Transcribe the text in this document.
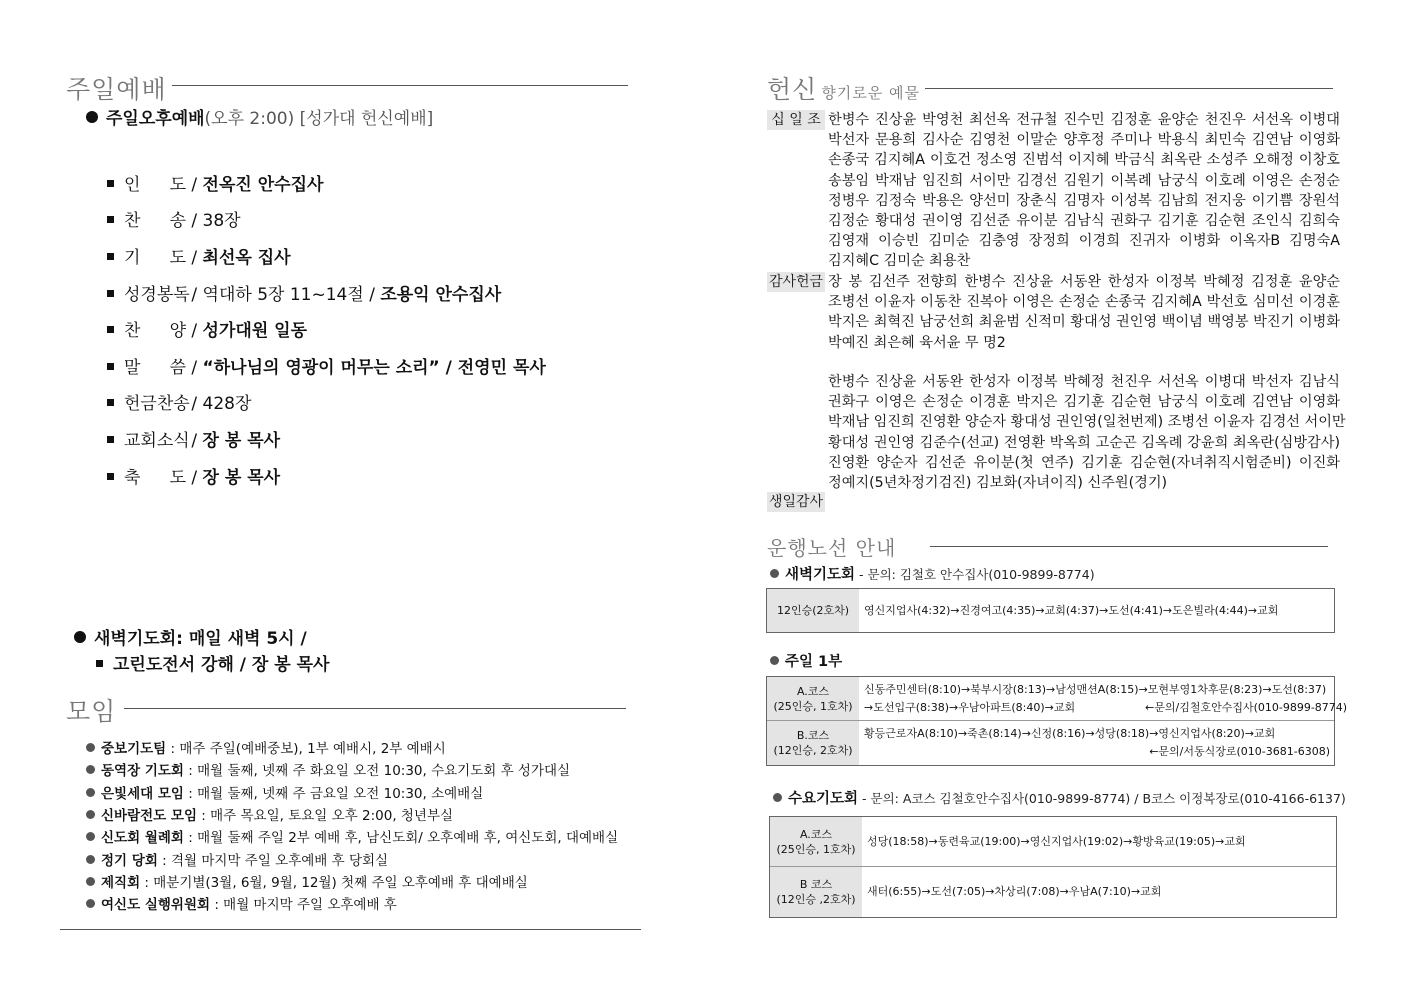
주일예배
주일오후예배(오후 2:00) [성가대 헌신예배]
인 도 / 전옥진 안수집사
찬 송 / 38장
기 도 / 최선옥 집사
성경봉독 / 역대하 5장 11~14절 / 조용익 안수집사
찬 양 / 성가대원 일동
말 씀 / “하나님의 영광이 머무는 소리” / 전영민 목사
헌금찬송 / 428장
교회소식 / 장 봉 목사
축 도 / 장 봉 목사
새벽기도회: 매일 새벽 5시 /
고린도전서 강해 / 장 봉 목사
모임
중보기도팀 : 매주 주일(예배중보), 1부 예배시, 2부 예배시
동역장 기도회 : 매월 둘째, 넷째 주 화요일 오전 10:30, 수요기도회 후 성가대실
은빛세대 모임 : 매월 둘째, 넷째 주 금요일 오전 10:30, 소예배실
신바람전도 모임 : 매주 목요일, 토요일 오후 2:00, 청년부실
신도회 월례회 : 매월 둘째 주일 2부 예배 후, 남신도회/ 오후예배 후, 여신도회, 대예배실
정기 당회 : 격월 마지막 주일 오후예배 후 당회실
제직회 : 매분기별(3월, 6월, 9월, 12월) 첫째 주일 오후예배 후 대예배실
여신도 실행위원회 : 매월 마지막 주일 오후예배 후
헌신 향기로운 예물
십 일 조 한병수 진상윤 박영천 최선옥 전규철 진수민 김정훈 윤양순 천진우 서선옥 이병대
박선자 문용희 김사순 김영천 이말순 양후정 주미나 박용식 최민숙 김연남 이영화
손종국 김지혜A 이호건 정소영 진범석 이지혜 박금식 최옥란 소성주 오해정 이창호
송봉임 박재남 임진희 서이만 김경선 김원기 이복례 남궁식 이호례 이영은 손정순
정병우 김정숙 박용은 양선미 장춘식 김명자 이성복 김남희 전지웅 이기쁨 장원석
김정순 황대성 권이영 김선준 유이분 김남식 권화구 김기훈 김순현 조인식 김희숙
김영재 이승빈 김미순 김충영 장정희 이경희 진귀자 이병화 이옥자B 김명숙A
김지혜C 김미순 최용찬
감사헌금 장 봉 김선주 전향희 한병수 진상윤 서동완 한성자 이정복 박혜정 김정훈 윤양순
조병선 이윤자 이동찬 진복아 이영은 손정순 손종국 김지혜A 박선호 심미선 이경훈
박지은 최혁진 남궁선희 최윤범 신적미 황대성 권인영 백이념 백영봉 박진기 이병화
박예진 최은혜 육서윤 무 명2
생일감사
한병수 진상윤 서동완 한성자 이정복 박혜정 천진우 서선옥 이병대 박선자 김남식
권화구 이영은 손정순 이경훈 박지은 김기훈 김순현 남궁식 이호례 김연남 이영화
박재남 임진희 진영환 양순자 황대성 권인영(일천번제) 조병선 이윤자 김경선 서이만
황대성 권인영 김준수(선교) 전영환 박옥희 고순곤 김옥례 강윤희 최옥란(심방감사)
진영환 양순자 김선준 유이분(첫 연주) 김기훈 김순현(자녀취직시험준비) 이진화
정예지(5년차정기검진) 김보화(자녀이직) 신주원(경기)
운행노선 안내
새벽기도회 - 문의: 김철호 안수집사(010-9899-8774)
12인승(2호차)	영신지업사(4:32)→진경여고(4:35)→교회(4:37)→도선(4:41)→도은빌라(4:44)→교회
주일 1부
A.코스
(25인승, 1호차)
신동주민센터(8:10)→북부시장(8:13)→남성맨션A(8:15)→모현부영1차후문(8:23)→도선(8:37)
→도선입구(8:38)→우남아파트(8:40)→교회                    ←문의/김철호안수집사(010-9899-8774)
B.코스
(12인승, 2호차)
황등근로자A(8:10)→죽촌(8:14)→신정(8:16)→성당(8:18)→영신지업사(8:20)→교회
←문의/서동식장로(010-3681-6308)
수요기도회 - 문의: A코스 김철호안수집사(010-9899-8774) / B코스 이정복장로(010-4166-6137)
A.코스
(25인승, 1호차)
성당(18:58)→동련육교(19:00)→영신지업사(19:02)→황방육교(19:05)→교회
B 코스
(12인승 ,2호차)
새터(6:55)→도선(7:05)→차상리(7:08)→우남A(7:10)→교회
